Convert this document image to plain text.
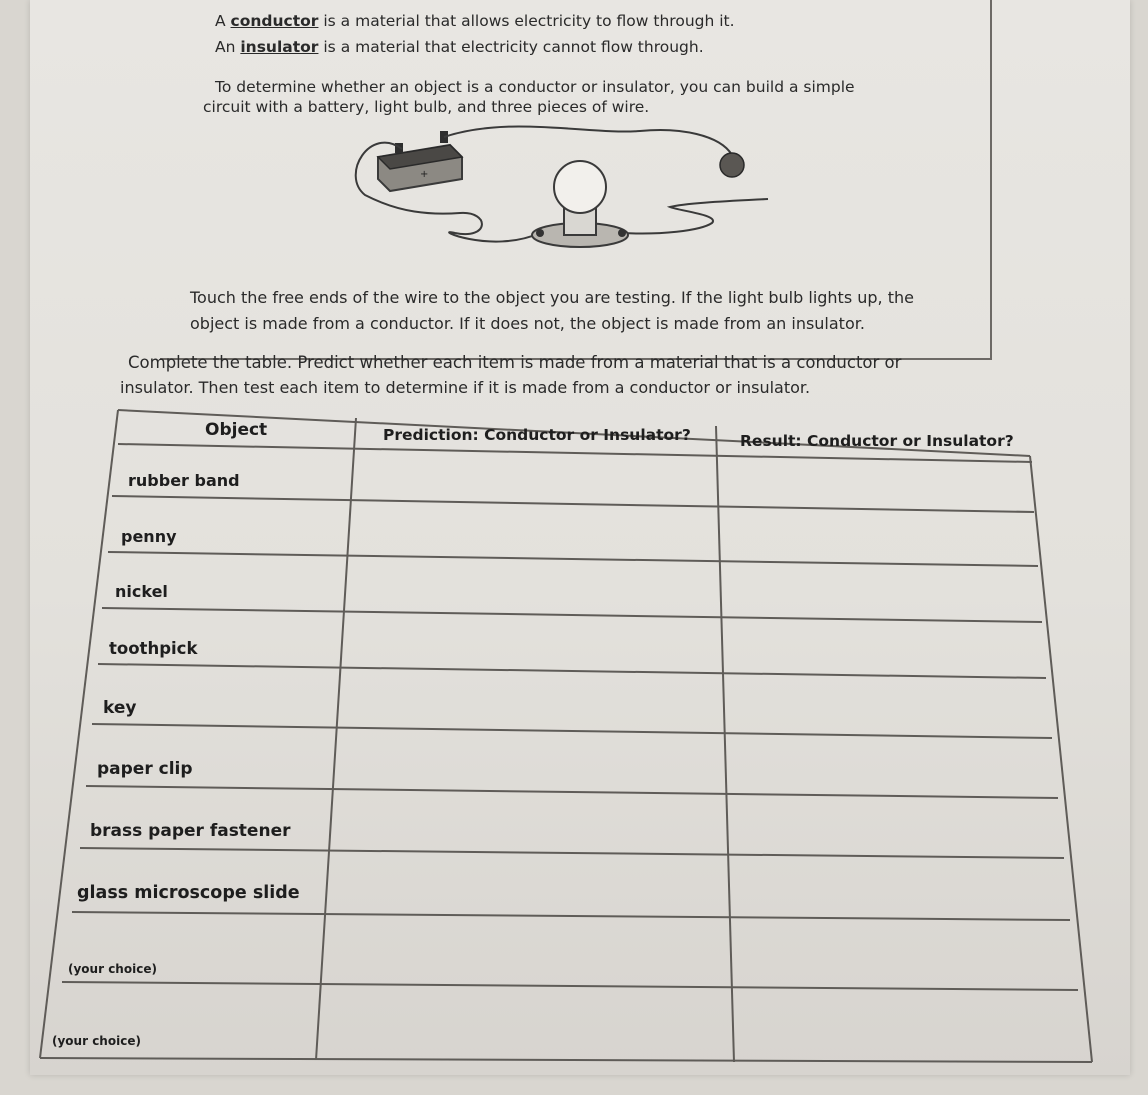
A conductor is a material that allows electricity to flow through it.
An insulator is a material that electricity cannot flow through.
To determine whether an object is a conductor or insulator, you can build a simple
circuit with a battery, light bulb, and three pieces of wire.
+
Touch the free ends of the wire to the object you are testing. If the light bulb lights up, the
object is made from a conductor. If it does not, the object is made from an insulator.
Complete the table. Predict whether each item is made from a material that is a conductor or
insulator. Then test each item to determine if it is made from a conductor or insulator.
Object	Prediction: Conductor or Insulator?	Result: Conductor or Insulator?
rubber band
penny
nickel
toothpick
key
paper clip
brass paper fastener
glass microscope slide
(your choice)
(your choice)
